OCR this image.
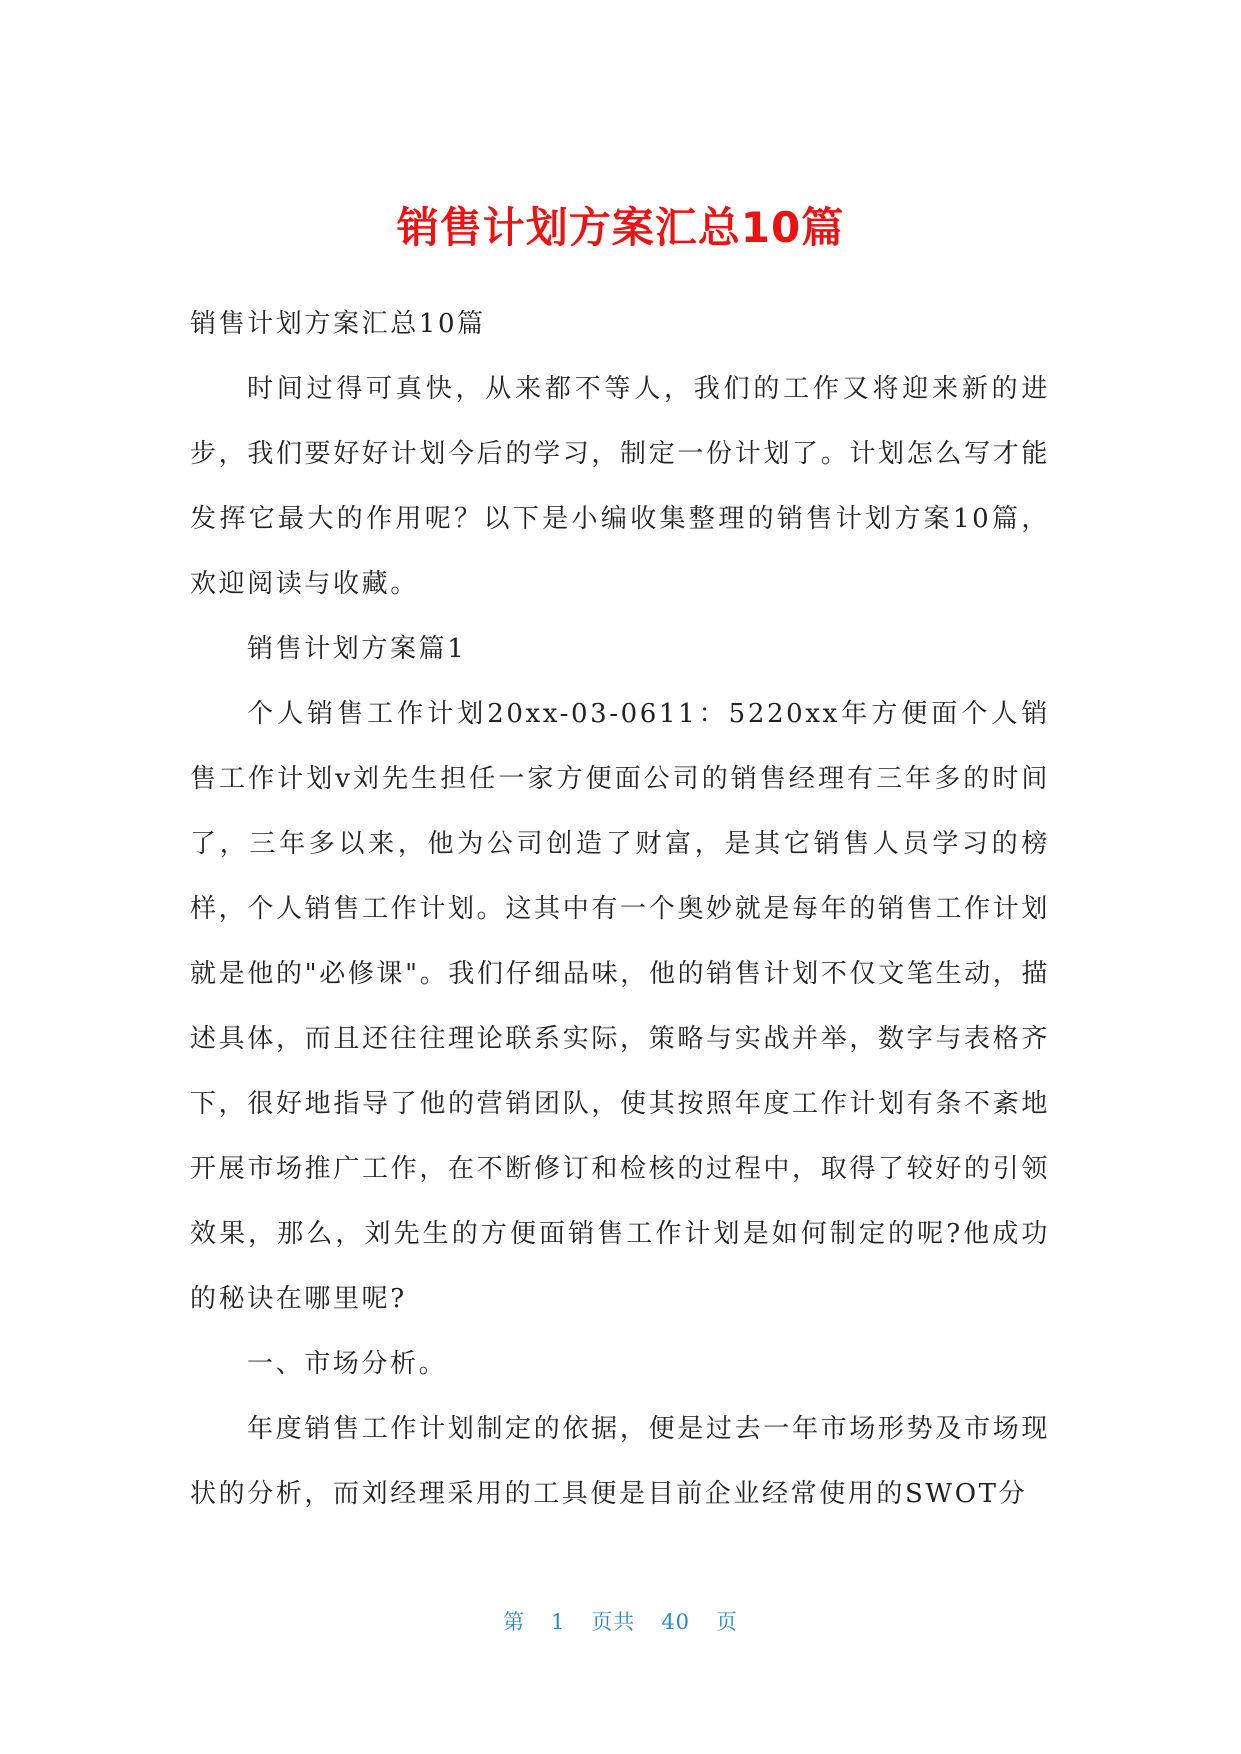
销售计划方案汇总10篇

销售计划方案汇总10篇

时间过得可真快，从来都不等人，我们的工作又将迎来新的进步，我们要好好计划今后的学习，制定一份计划了。计划怎么写才能发挥它最大的作用呢？以下是小编收集整理的销售计划方案10篇，欢迎阅读与收藏。

销售计划方案篇1

个人销售工作计划20xx-03-0611：5220xx年方便面个人销售工作计划v刘先生担任一家方便面公司的销售经理有三年多的时间了，三年多以来，他为公司创造了财富，是其它销售人员学习的榜样，个人销售工作计划。这其中有一个奥妙就是每年的销售工作计划就是他的"必修课"。我们仔细品味，他的销售计划不仅文笔生动，描述具体，而且还往往理论联系实际，策略与实战并举，数字与表格齐下，很好地指导了他的营销团队，使其按照年度工作计划有条不紊地开展市场推广工作，在不断修订和检核的过程中，取得了较好的引领效果，那么，刘先生的方便面销售工作计划是如何制定的呢?他成功的秘诀在哪里呢?

一、市场分析。

年度销售工作计划制定的依据，便是过去一年市场形势及市场现状的分析，而刘经理采用的工具便是目前企业经常使用的SWOT分

第 1 页共 40 页
